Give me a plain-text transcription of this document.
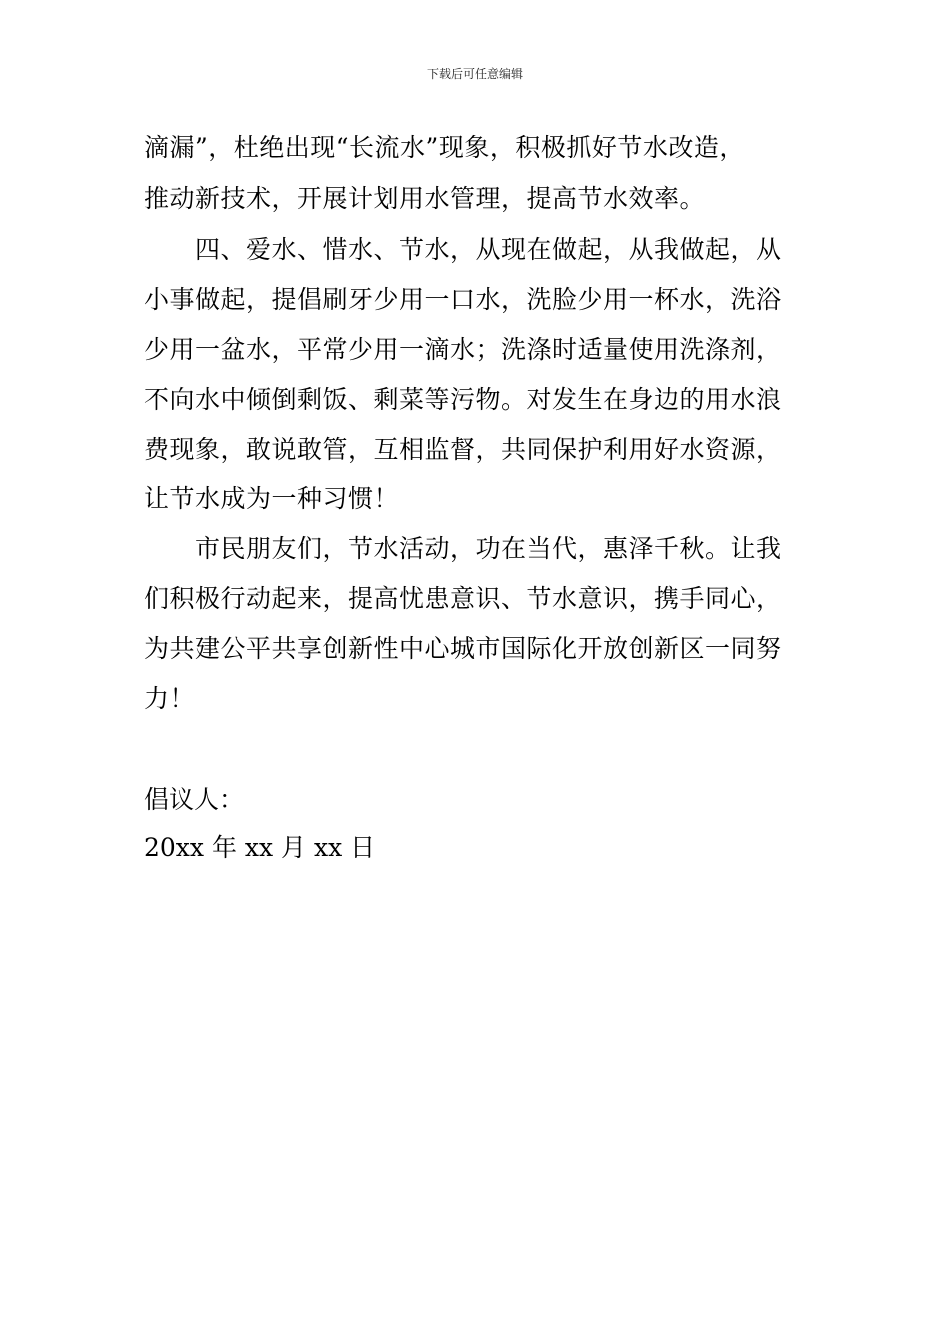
下载后可任意编辑
滴漏”，杜绝出现“长流水”现象，积极抓好节水改造，
推动新技术，开展计划用水管理，提高节水效率。
　　四、爱水、惜水、节水，从现在做起，从我做起，从
小事做起，提倡刷牙少用一口水，洗脸少用一杯水，洗浴
少用一盆水，平常少用一滴水；洗涤时适量使用洗涤剂，
不向水中倾倒剩饭、剩菜等污物。对发生在身边的用水浪
费现象，敢说敢管，互相监督，共同保护利用好水资源，
让节水成为一种习惯！
　　市民朋友们，节水活动，功在当代，惠泽千秋。让我
们积极行动起来，提高忧患意识、节水意识，携手同心，
为共建公平共享创新性中心城市国际化开放创新区一同努
力！
倡议人：
20xx 年 xx 月 xx 日
